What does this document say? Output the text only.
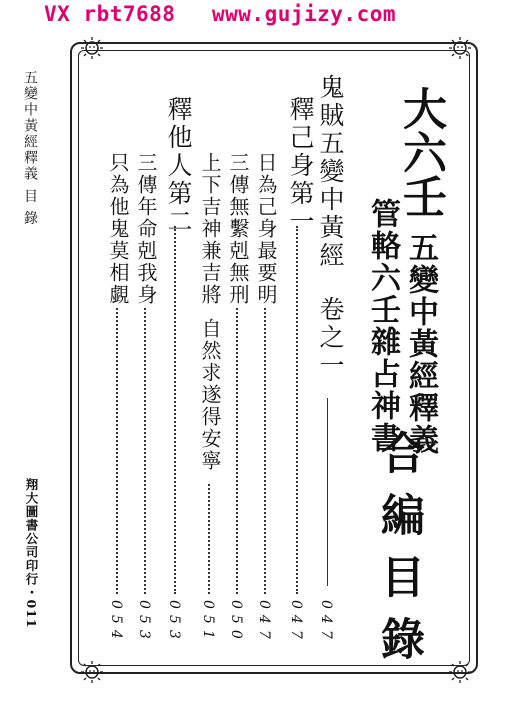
VX rbt7688 www.gujizy.com
五變中黃經釋義 目 錄
翔大圖書公司印行・011
大六壬
五變中黃經釋義
管輅六壬雜占神書
合編目錄
鬼賊五變中黃經
卷之一
047
釋己身第一
047
日為己身最要明
047
三傳無繫剋無刑
050
上下吉神兼吉將
自然求遂得安寧
051
釋他人第二
053
三傳年命剋我身
053
只為他鬼莫相覷
054
